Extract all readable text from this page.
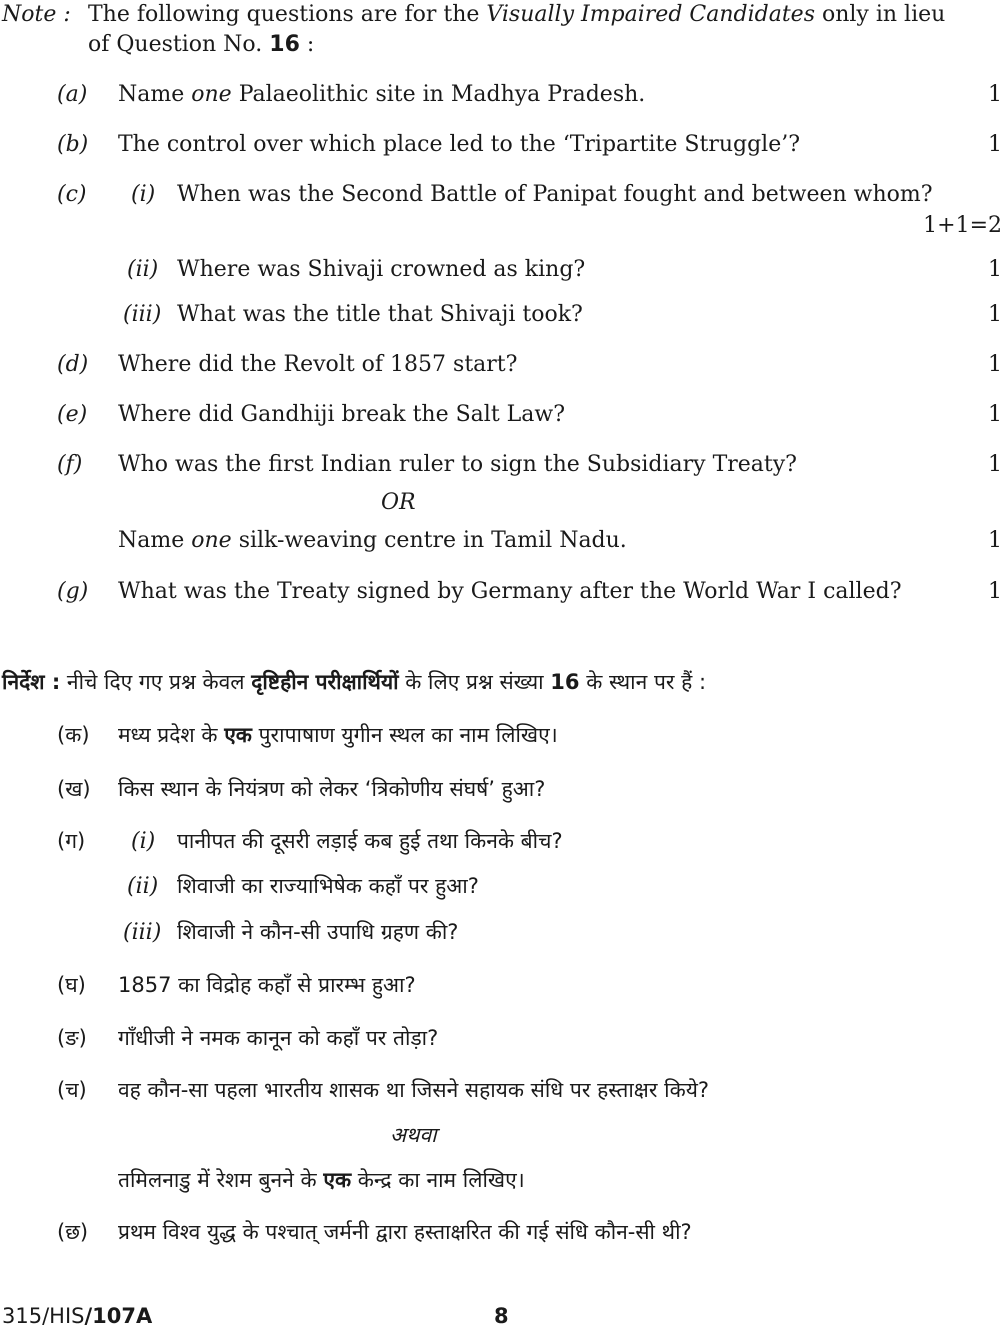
Note : The following questions are for the Visually Impaired Candidates only in lieu
of Question No. 16 :
(a) Name one Palaeolithic site in Madhya Pradesh.	1
(b) The control over which place led to the ‘Tripartite Struggle’?	1
(c) (i) When was the Second Battle of Panipat fought and between whom?
1+1=2
(ii) Where was Shivaji crowned as king?	1
(iii) What was the title that Shivaji took?	1
(d) Where did the Revolt of 1857 start?	1
(e) Where did Gandhiji break the Salt Law?	1
(f) Who was the first Indian ruler to sign the Subsidiary Treaty?	1
OR
Name one silk-weaving centre in Tamil Nadu.	1
(g) What was the Treaty signed by Germany after the World War I called?	1
निर्देश : नीचे दिए गए प्रश्न केवल दृष्टिहीन परीक्षार्थियों के लिए प्रश्न संख्या 16 के स्थान पर हैं :
(क) मध्य प्रदेश के एक पुरापाषाण युगीन स्थल का नाम लिखिए।
(ख) किस स्थान के नियंत्रण को लेकर ‘त्रिकोणीय संघर्ष’ हुआ?
(ग) (i) पानीपत की दूसरी लड़ाई कब हुई तथा किनके बीच?
(ii) शिवाजी का राज्याभिषेक कहाँ पर हुआ?
(iii) शिवाजी ने कौन-सी उपाधि ग्रहण की?
(घ) 1857 का विद्रोह कहाँ से प्रारम्भ हुआ?
(ङ) गाँधीजी ने नमक कानून को कहाँ पर तोड़ा?
(च) वह कौन-सा पहला भारतीय शासक था जिसने सहायक संधि पर हस्ताक्षर किये?
अथवा
तमिलनाडु में रेशम बुनने के एक केन्द्र का नाम लिखिए।
(छ) प्रथम विश्व युद्ध के पश्चात् जर्मनी द्वारा हस्ताक्षरित की गई संधि कौन-सी थी?
315/HIS/107A	8
